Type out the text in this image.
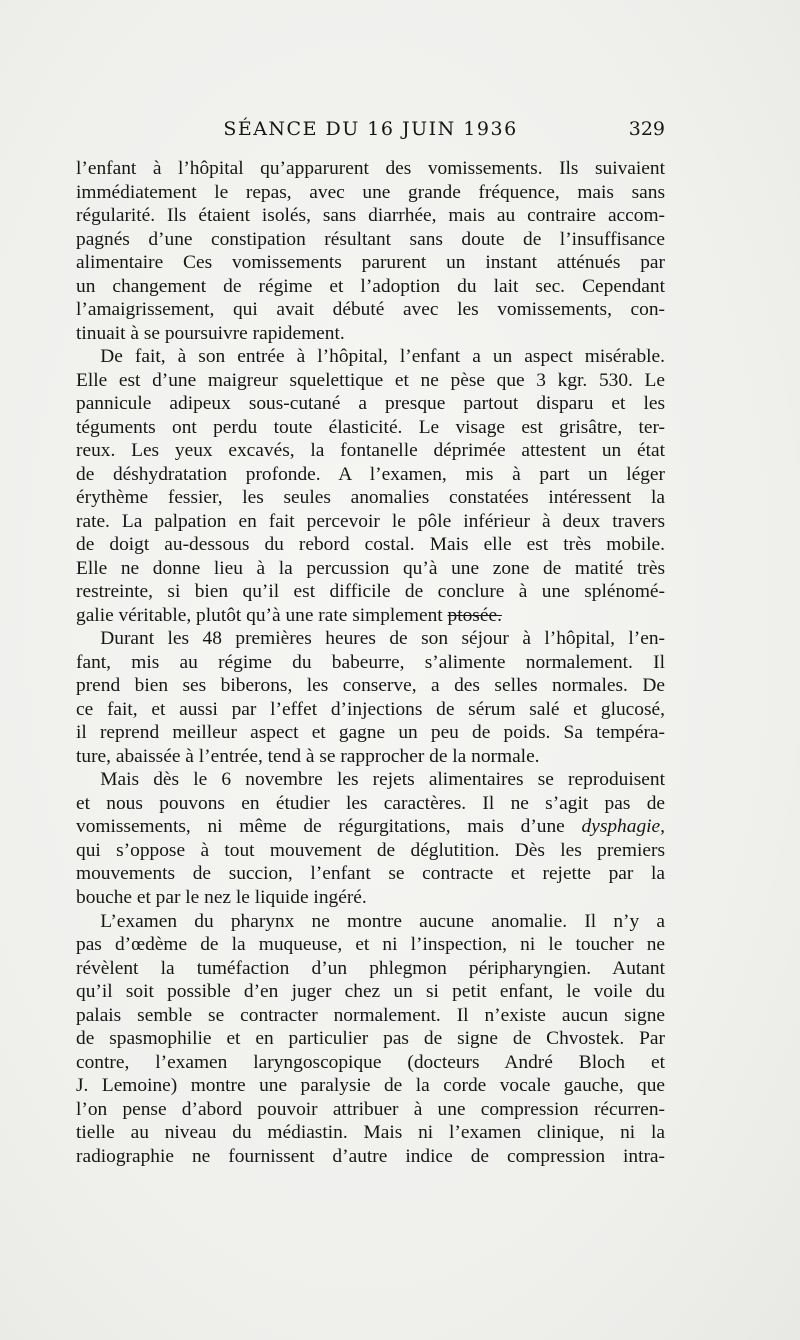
SÉANCE DU 16 JUIN 1936	329
l’enfant à l’hôpital qu’apparurent des vomissements. Ils suivaient
immédiatement le repas, avec une grande fréquence, mais sans
régularité. Ils étaient isolés, sans diarrhée, mais au contraire accom-
pagnés d’une constipation résultant sans doute de l’insuffisance
alimentaire Ces vomissements parurent un instant atténués par
un changement de régime et l’adoption du lait sec. Cependant
l’amaigrissement, qui avait débuté avec les vomissements, con-
tinuait à se poursuivre rapidement.
De fait, à son entrée à l’hôpital, l’enfant a un aspect misérable.
Elle est d’une maigreur squelettique et ne pèse que 3 kgr. 530. Le
pannicule adipeux sous-cutané a presque partout disparu et les
téguments ont perdu toute élasticité. Le visage est grisâtre, ter-
reux. Les yeux excavés, la fontanelle déprimée attestent un état
de déshydratation profonde. A l’examen, mis à part un léger
érythème fessier, les seules anomalies constatées intéressent la
rate. La palpation en fait percevoir le pôle inférieur à deux travers
de doigt au-dessous du rebord costal. Mais elle est très mobile.
Elle ne donne lieu à la percussion qu’à une zone de matité très
restreinte, si bien qu’il est difficile de conclure à une splénomé-
galie véritable, plutôt qu’à une rate simplement ptosée.
Durant les 48 premières heures de son séjour à l’hôpital, l’en-
fant, mis au régime du babeurre, s’alimente normalement. Il
prend bien ses biberons, les conserve, a des selles normales. De
ce fait, et aussi par l’effet d’injections de sérum salé et glucosé,
il reprend meilleur aspect et gagne un peu de poids. Sa tempéra-
ture, abaissée à l’entrée, tend à se rapprocher de la normale.
Mais dès le 6 novembre les rejets alimentaires se reproduisent
et nous pouvons en étudier les caractères. Il ne s’agit pas de
vomissements, ni même de régurgitations, mais d’une dysphagie,
qui s’oppose à tout mouvement de déglutition. Dès les premiers
mouvements de succion, l’enfant se contracte et rejette par la
bouche et par le nez le liquide ingéré.
L’examen du pharynx ne montre aucune anomalie. Il n’y a
pas d’œdème de la muqueuse, et ni l’inspection, ni le toucher ne
révèlent la tuméfaction d’un phlegmon péripharyngien. Autant
qu’il soit possible d’en juger chez un si petit enfant, le voile du
palais semble se contracter normalement. Il n’existe aucun signe
de spasmophilie et en particulier pas de signe de Chvostek. Par
contre, l’examen laryngoscopique (docteurs André Bloch et
J. Lemoine) montre une paralysie de la corde vocale gauche, que
l’on pense d’abord pouvoir attribuer à une compression récurren-
tielle au niveau du médiastin. Mais ni l’examen clinique, ni la
radiographie ne fournissent d’autre indice de compression intra-
